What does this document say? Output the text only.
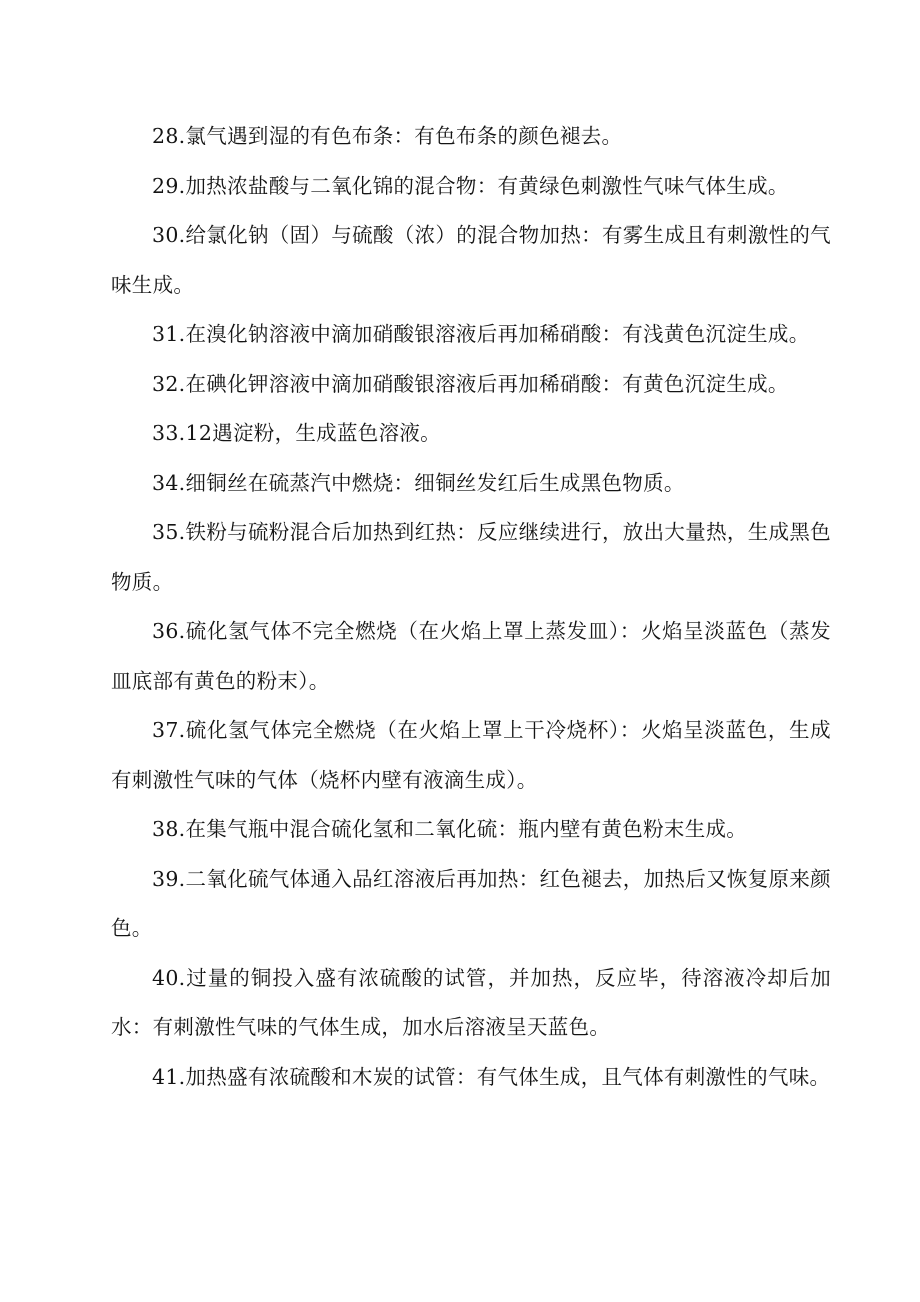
28.氯气遇到湿的有色布条：有色布条的颜色褪去。

29.加热浓盐酸与二氧化锦的混合物：有黄绿色刺激性气味气体生成。

30.给氯化钠（固）与硫酸（浓）的混合物加热：有雾生成且有刺激性的气味生成。

31.在溴化钠溶液中滴加硝酸银溶液后再加稀硝酸：有浅黄色沉淀生成。

32.在碘化钾溶液中滴加硝酸银溶液后再加稀硝酸：有黄色沉淀生成。

33.12遇淀粉，生成蓝色溶液。

34.细铜丝在硫蒸汽中燃烧：细铜丝发红后生成黑色物质。

35.铁粉与硫粉混合后加热到红热：反应继续进行，放出大量热，生成黑色物质。

36.硫化氢气体不完全燃烧（在火焰上罩上蒸发皿）：火焰呈淡蓝色（蒸发皿底部有黄色的粉末）。

37.硫化氢气体完全燃烧（在火焰上罩上干冷烧杯）：火焰呈淡蓝色，生成有刺激性气味的气体（烧杯内壁有液滴生成）。

38.在集气瓶中混合硫化氢和二氧化硫：瓶内壁有黄色粉末生成。

39.二氧化硫气体通入品红溶液后再加热：红色褪去，加热后又恢复原来颜色。

40.过量的铜投入盛有浓硫酸的试管，并加热，反应毕，待溶液冷却后加水：有刺激性气味的气体生成，加水后溶液呈天蓝色。

41.加热盛有浓硫酸和木炭的试管：有气体生成，且气体有刺激性的气味。
